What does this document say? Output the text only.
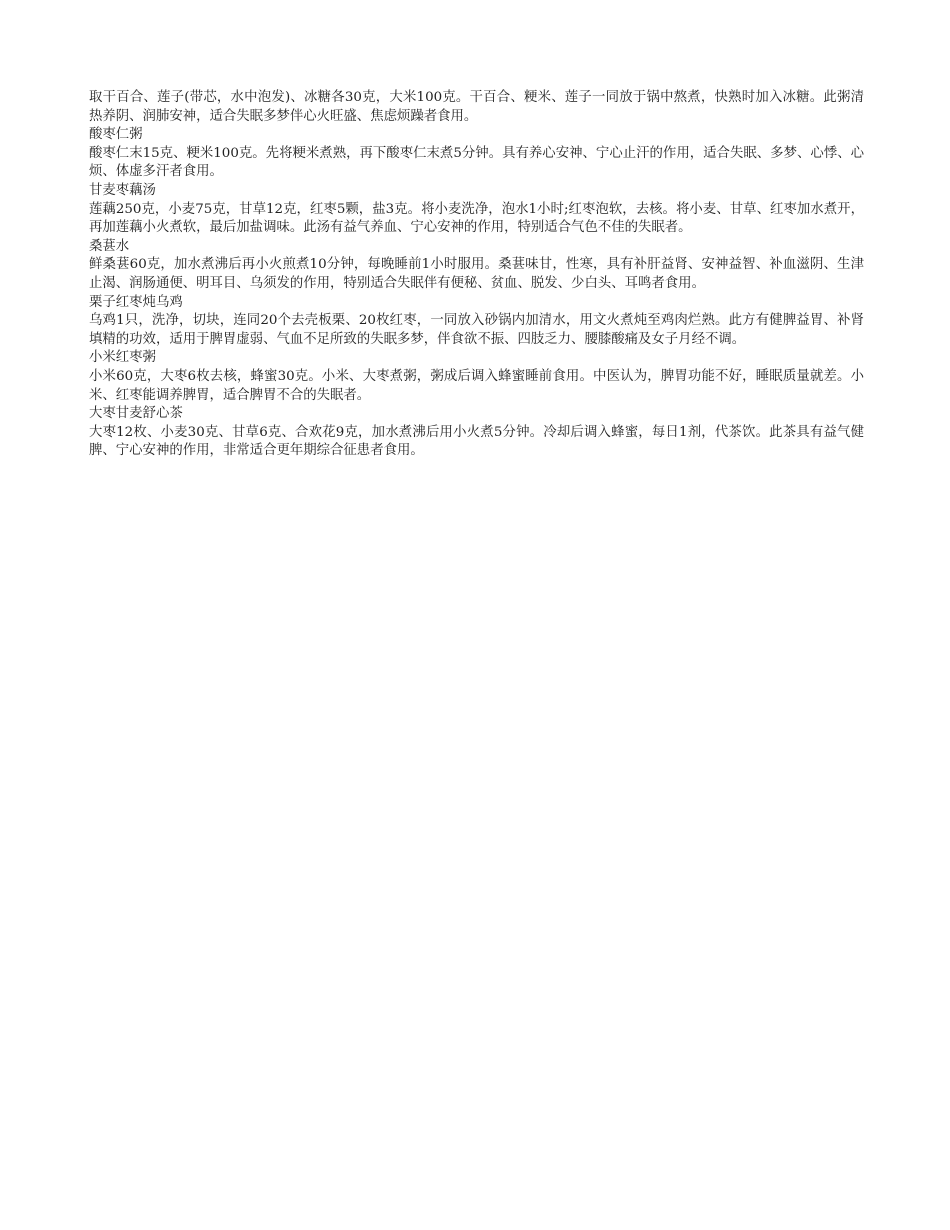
取干百合、莲子(带芯，水中泡发)、冰糖各30克，大米100克。干百合、粳米、莲子一同放于锅中熬煮，快熟时加入冰糖。此粥清热养阴、润肺安神，适合失眠多梦伴心火旺盛、焦虑烦躁者食用。

酸枣仁粥

酸枣仁末15克、粳米100克。先将粳米煮熟，再下酸枣仁末煮5分钟。具有养心安神、宁心止汗的作用，适合失眠、多梦、心悸、心烦、体虚多汗者食用。

甘麦枣藕汤

莲藕250克，小麦75克，甘草12克，红枣5颗，盐3克。将小麦洗净，泡水1小时;红枣泡软，去核。将小麦、甘草、红枣加水煮开，再加莲藕小火煮软，最后加盐调味。此汤有益气养血、宁心安神的作用，特别适合气色不佳的失眠者。

桑葚水

鲜桑葚60克，加水煮沸后再小火煎煮10分钟，每晚睡前1小时服用。桑葚味甘，性寒，具有补肝益肾、安神益智、补血滋阴、生津止渴、润肠通便、明耳目、乌须发的作用，特别适合失眠伴有便秘、贫血、脱发、少白头、耳鸣者食用。

栗子红枣炖乌鸡

乌鸡1只，洗净，切块，连同20个去壳板栗、20枚红枣，一同放入砂锅内加清水，用文火煮炖至鸡肉烂熟。此方有健脾益胃、补肾填精的功效，适用于脾胃虚弱、气血不足所致的失眠多梦，伴食欲不振、四肢乏力、腰膝酸痛及女子月经不调。

小米红枣粥

小米60克，大枣6枚去核，蜂蜜30克。小米、大枣煮粥，粥成后调入蜂蜜睡前食用。中医认为，脾胃功能不好，睡眠质量就差。小米、红枣能调养脾胃，适合脾胃不合的失眠者。

大枣甘麦舒心茶

大枣12枚、小麦30克、甘草6克、合欢花9克，加水煮沸后用小火煮5分钟。冷却后调入蜂蜜，每日1剂，代茶饮。此茶具有益气健脾、宁心安神的作用，非常适合更年期综合征患者食用。
